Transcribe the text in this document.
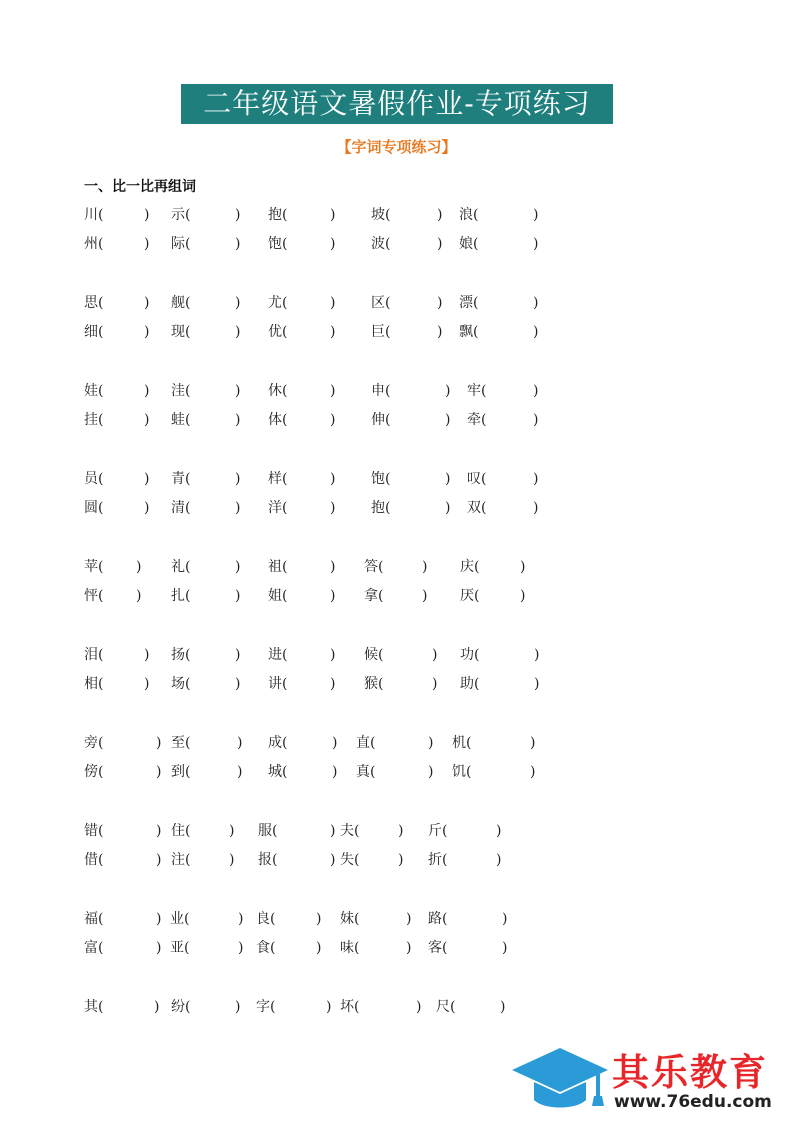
二年级语文暑假作业-专项练习
【字词专项练习】
一、比一比再组词
川(	) 示(	) 抱(	)	坡(	) 浪(	)
州(	) 际(	) 饱(	)	波(	) 娘(	)
思(	) 舰(	) 尤(	)	区(	) 漂(	)
细(	) 现(	) 优(	)	巨(	) 飘(	)
娃(	) 洼(	) 休(	)	申(	) 牢(	)
挂(	) 蛙(	) 体(	)	伸(	) 牵(	)
员(	) 青(	) 样(	)	饱(	) 叹(	)
圆(	) 清(	) 洋(	)	抱(	) 双(	)
苹( ) 礼(	) 祖(	) 答(	) 庆(	)
怦( ) 扎(	) 姐(	) 拿(	) 厌(	)
泪(	) 扬(	) 进(	) 候(	) 功(	)
相(	) 场(	) 讲(	) 猴(	) 助(	)
旁(	) 至(	) 成(	) 直(	) 机(	)
傍(	) 到(	) 城(	) 真(	) 饥(	)
错(	) 住(	) 服(	) 夫(	) 斤(	)
借(	) 注(	) 报(	) 失(	) 折(	)
福(	) 业(	) 良(	) 妹(	) 路(	)
富(	) 亚(	) 食(	) 味(	) 客(	)
其(	) 纷(	) 字(	) 坏(	) 尺(	)
其乐教育
www.76edu.com
